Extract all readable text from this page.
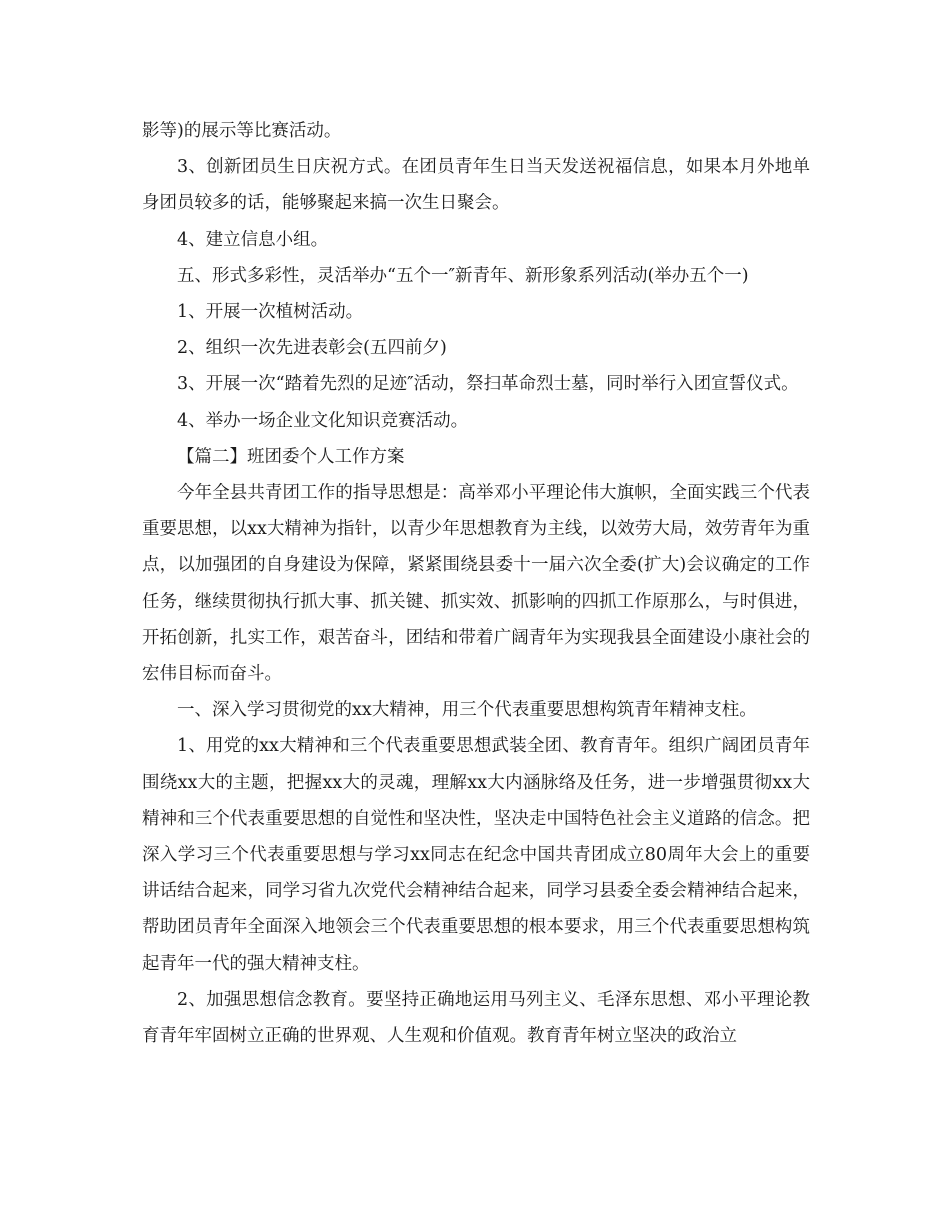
影等)的展示等比赛活动。

3、创新团员生日庆祝方式。在团员青年生日当天发送祝福信息，如果本月外地单身团员较多的话，能够聚起来搞一次生日聚会。

4、建立信息小组。

五、形式多彩性，灵活举办“五个一″新青年、新形象系列活动(举办五个一)

1、开展一次植树活动。

2、组织一次先进表彰会(五四前夕)

3、开展一次“踏着先烈的足迹″活动，祭扫革命烈士墓，同时举行入团宣誓仪式。

4、举办一场企业文化知识竞赛活动。

【篇二】班团委个人工作方案

今年全县共青团工作的指导思想是：高举邓小平理论伟大旗帜，全面实践三个代表重要思想，以xx大精神为指针，以青少年思想教育为主线，以效劳大局，效劳青年为重点，以加强团的自身建设为保障，紧紧围绕县委十一届六次全委(扩大)会议确定的工作任务，继续贯彻执行抓大事、抓关键、抓实效、抓影响的四抓工作原那么，与时俱进，开拓创新，扎实工作，艰苦奋斗，团结和带着广阔青年为实现我县全面建设小康社会的宏伟目标而奋斗。

一、深入学习贯彻党的xx大精神，用三个代表重要思想构筑青年精神支柱。

1、用党的xx大精神和三个代表重要思想武装全团、教育青年。组织广阔团员青年围绕xx大的主题，把握xx大的灵魂，理解xx大内涵脉络及任务，进一步增强贯彻xx大精神和三个代表重要思想的自觉性和坚决性，坚决走中国特色社会主义道路的信念。把深入学习三个代表重要思想与学习xx同志在纪念中国共青团成立80周年大会上的重要讲话结合起来，同学习省九次党代会精神结合起来，同学习县委全委会精神结合起来，帮助团员青年全面深入地领会三个代表重要思想的根本要求，用三个代表重要思想构筑起青年一代的强大精神支柱。

2、加强思想信念教育。要坚持正确地运用马列主义、毛泽东思想、邓小平理论教育青年牢固树立正确的世界观、人生观和价值观。教育青年树立坚决的政治立
